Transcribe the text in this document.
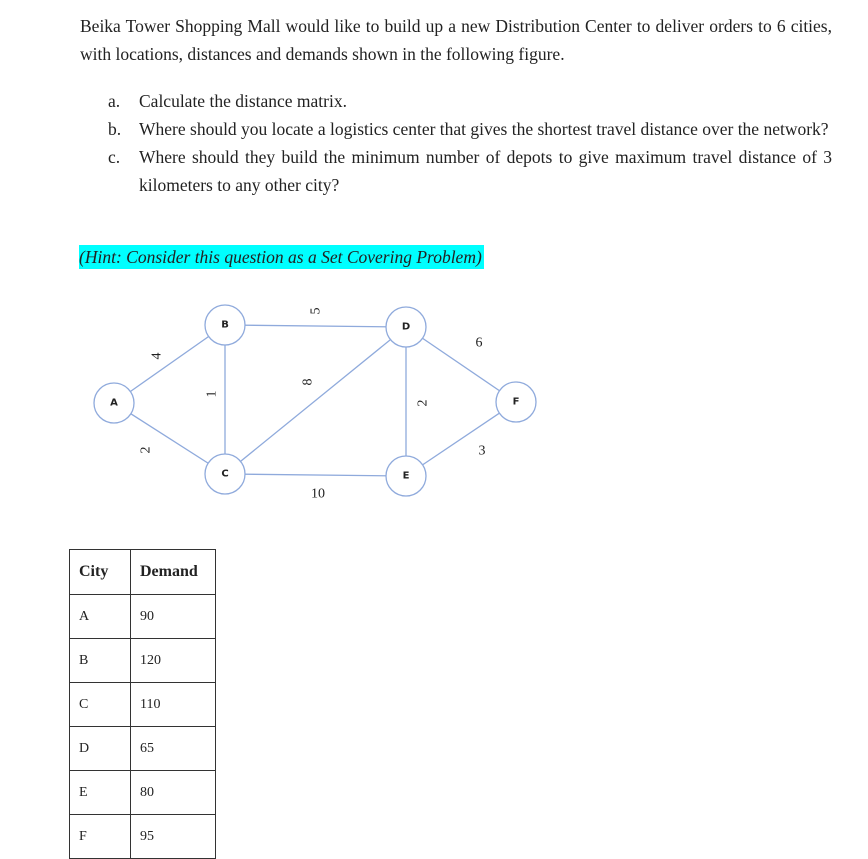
Beika Tower Shopping Mall would like to build up a new Distribution Center to deliver orders to 6 cities, with locations, distances and demands shown in the following figure.

a. Calculate the distance matrix.

b. Where should you locate a logistics center that gives the shortest travel distance over the network?

c. Where should they build the minimum number of depots to give maximum travel distance of 3 kilometers to any other city?

(Hint: Consider this question as a Set Covering Problem)
A
B
C
D
E
F
4
2
1
5
8
10
2
6
3
City	Demand
A	90
B	120
C	110
D	65
E	80
F	95
